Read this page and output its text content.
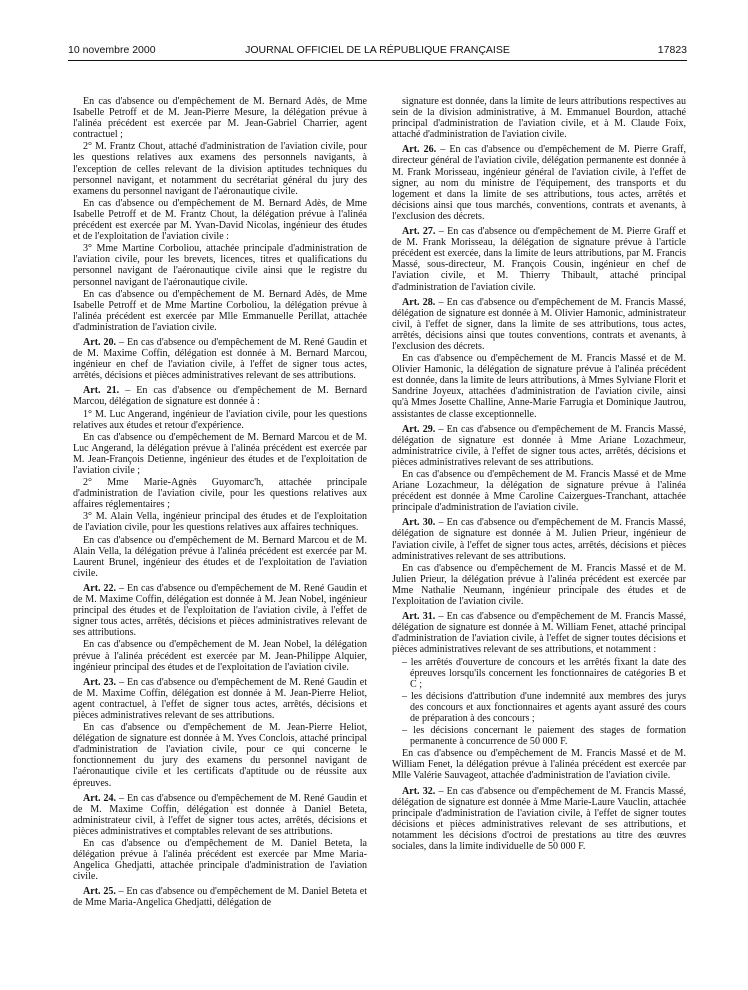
10 novembre 2000	JOURNAL OFFICIEL DE LA RÉPUBLIQUE FRANÇAISE	17823

En cas d'absence ou d'empêchement de M. Bernard Adès, de Mme Isabelle Petroff et de M. Jean-Pierre Mesure, la délégation prévue à l'alinéa précédent est exercée par M. Jean-Gabriel Charrier, agent contractuel ;

2° M. Frantz Chout, attaché d'administration de l'aviation civile, pour les questions relatives aux examens des personnels navigants, à l'exception de celles relevant de la division aptitudes techniques du personnel navigant, et notamment du secrétariat général du jury des examens du personnel navigant de l'aéronautique civile.

En cas d'absence ou d'empêchement de M. Bernard Adès, de Mme Isabelle Petroff et de M. Frantz Chout, la délégation prévue à l'alinéa précédent est exercée par M. Yvan-David Nicolas, ingénieur des études et de l'exploitation de l'aviation civile :

3° Mme Martine Corboliou, attachée principale d'administration de l'aviation civile, pour les brevets, licences, titres et qualifications du personnel navigant de l'aéronautique civile ainsi que le registre du personnel navigant de l'aéronautique civile.

En cas d'absence ou d'empêchement de M. Bernard Adès, de Mme Isabelle Petroff et de Mme Martine Corboliou, la délégation prévue à l'alinéa précédent est exercée par Mlle Emmanuelle Perillat, attachée d'administration de l'aviation civile.

Art. 20. – En cas d'absence ou d'empêchement de M. René Gaudin et de M. Maxime Coffin, délégation est donnée à M. Bernard Marcou, ingénieur en chef de l'aviation civile, à l'effet de signer tous actes, arrêtés, décisions et pièces administratives relevant de ses attributions.

Art. 21. – En cas d'absence ou d'empêchement de M. Bernard Marcou, délégation de signature est donnée à :

1° M. Luc Angerand, ingénieur de l'aviation civile, pour les questions relatives aux études et retour d'expérience.

En cas d'absence ou d'empêchement de M. Bernard Marcou et de M. Luc Angerand, la délégation prévue à l'alinéa précédent est exercée par M. Jean-François Detienne, ingénieur des études et de l'exploitation de l'aviation civile ;

2° Mme Marie-Agnès Guyomarc'h, attachée principale d'administration de l'aviation civile, pour les questions relatives aux affaires réglementaires ;

3° M. Alain Vella, ingénieur principal des études et de l'exploitation de l'aviation civile, pour les questions relatives aux affaires techniques.

En cas d'absence ou d'empêchement de M. Bernard Marcou et de M. Alain Vella, la délégation prévue à l'alinéa précédent est exercée par M. Laurent Brunel, ingénieur des études et de l'exploitation de l'aviation civile.

Art. 22. – En cas d'absence ou d'empêchement de M. René Gaudin et de M. Maxime Coffin, délégation est donnée à M. Jean Nobel, ingénieur principal des études et de l'exploitation de l'aviation civile, à l'effet de signer tous actes, arrêtés, décisions et pièces administratives relevant de ses attributions.

En cas d'absence ou d'empêchement de M. Jean Nobel, la délégation prévue à l'alinéa précédent est exercée par M. Jean-Philippe Alquier, ingénieur principal des études et de l'exploitation de l'aviation civile.

Art. 23. – En cas d'absence ou d'empêchement de M. René Gaudin et de M. Maxime Coffin, délégation est donnée à M. Jean-Pierre Heliot, agent contractuel, à l'effet de signer tous actes, arrêtés, décisions et pièces administratives relevant de ses attributions.

En cas d'absence ou d'empêchement de M. Jean-Pierre Heliot, délégation de signature est donnée à M. Yves Conclois, attaché principal d'administration de l'aviation civile, pour ce qui concerne le fonctionnement du jury des examens du personnel navigant de l'aéronautique civile et les certificats d'aptitude ou de réussite aux épreuves.

Art. 24. – En cas d'absence ou d'empêchement de M. René Gaudin et de M. Maxime Coffin, délégation est donnée à Daniel Beteta, administrateur civil, à l'effet de signer tous actes, arrêtés, décisions et pièces administratives et comptables relevant de ses attributions.

En cas d'absence ou d'empêchement de M. Daniel Beteta, la délégation prévue à l'alinéa précédent est exercée par Mme Maria-Angelica Ghedjatti, attachée principale d'administration de l'aviation civile.

Art. 25. – En cas d'absence ou d'empêchement de M. Daniel Beteta et de Mme Maria-Angelica Ghedjatti, délégation de

signature est donnée, dans la limite de leurs attributions respectives au sein de la division administrative, à M. Emmanuel Bourdon, attaché principal d'administration de l'aviation civile, et à M. Claude Foix, attaché d'administration de l'aviation civile.

Art. 26. – En cas d'absence ou d'empêchement de M. Pierre Graff, directeur général de l'aviation civile, délégation permanente est donnée à M. Frank Morisseau, ingénieur général de l'aviation civile, à l'effet de signer, au nom du ministre de l'équipement, des transports et du logement et dans la limite de ses attributions, tous actes, arrêtés et décisions ainsi que tous marchés, conventions, contrats et avenants, à l'exclusion des décrets.

Art. 27. – En cas d'absence ou d'empêchement de M. Pierre Graff et de M. Frank Morisseau, la délégation de signature prévue à l'article précédent est exercée, dans la limite de leurs attributions, par M. Francis Massé, sous-directeur, M. François Cousin, ingénieur en chef de l'aviation civile, et M. Thierry Thibault, attaché principal d'administration de l'aviation civile.

Art. 28. – En cas d'absence ou d'empêchement de M. Francis Massé, délégation de signature est donnée à M. Olivier Hamonic, administrateur civil, à l'effet de signer, dans la limite de ses attributions, tous actes, arrêtés, décisions ainsi que toutes conventions, contrats et avenants, à l'exclusion des décrets.

En cas d'absence ou d'empêchement de M. Francis Massé et de M. Olivier Hamonic, la délégation de signature prévue à l'alinéa précédent est donnée, dans la limite de leurs attributions, à Mmes Sylviane Florit et Sandrine Joyeux, attachées d'administration de l'aviation civile, ainsi qu'à Mmes Josette Challine, Anne-Marie Farrugia et Dominique Jautrou, assistantes de classe exceptionnelle.

Art. 29. – En cas d'absence ou d'empêchement de M. Francis Massé, délégation de signature est donnée à Mme Ariane Lozachmeur, administratrice civile, à l'effet de signer tous actes, arrêtés, décisions et pièces administratives relevant de ses attributions.

En cas d'absence ou d'empêchement de M. Francis Massé et de Mme Ariane Lozachmeur, la délégation de signature prévue à l'alinéa précédent est donnée à Mme Caroline Caizergues-Tranchant, attachée principale d'administration de l'aviation civile.

Art. 30. – En cas d'absence ou d'empêchement de M. Francis Massé, délégation de signature est donnée à M. Julien Prieur, ingénieur de l'aviation civile, à l'effet de signer tous actes, arrêtés, décisions et pièces administratives relevant de ses attributions.

En cas d'absence ou d'empêchement de M. Francis Massé et de M. Julien Prieur, la délégation prévue à l'alinéa précédent est exercée par Mme Nathalie Neumann, ingénieur principale des études et de l'exploitation de l'aviation civile.

Art. 31. – En cas d'absence ou d'empêchement de M. Francis Massé, délégation de signature est donnée à M. William Fenet, attaché principal d'administration de l'aviation civile, à l'effet de signer toutes décisions et pièces administratives relevant de ses attributions, et notamment :

– les arrêtés d'ouverture de concours et les arrêtés fixant la date des épreuves lorsqu'ils concernent les fonctionnaires de catégories B et C ;

– les décisions d'attribution d'une indemnité aux membres des jurys des concours et aux fonctionnaires et agents ayant assuré des cours de préparation à des concours ;

– les décisions concernant le paiement des stages de formation permanente à concurrence de 50 000 F.

En cas d'absence ou d'empêchement de M. Francis Massé et de M. William Fenet, la délégation prévue à l'alinéa précédent est exercée par Mlle Valérie Sauvageot, attachée d'administration de l'aviation civile.

Art. 32. – En cas d'absence ou d'empêchement de M. Francis Massé, délégation de signature est donnée à Mme Marie-Laure Vauclin, attachée principale d'administration de l'aviation civile, à l'effet de signer toutes décisions et pièces administratives relevant de ses attributions, et notamment les décisions d'octroi de prestations au titre des œuvres sociales, dans la limite individuelle de 50 000 F.
